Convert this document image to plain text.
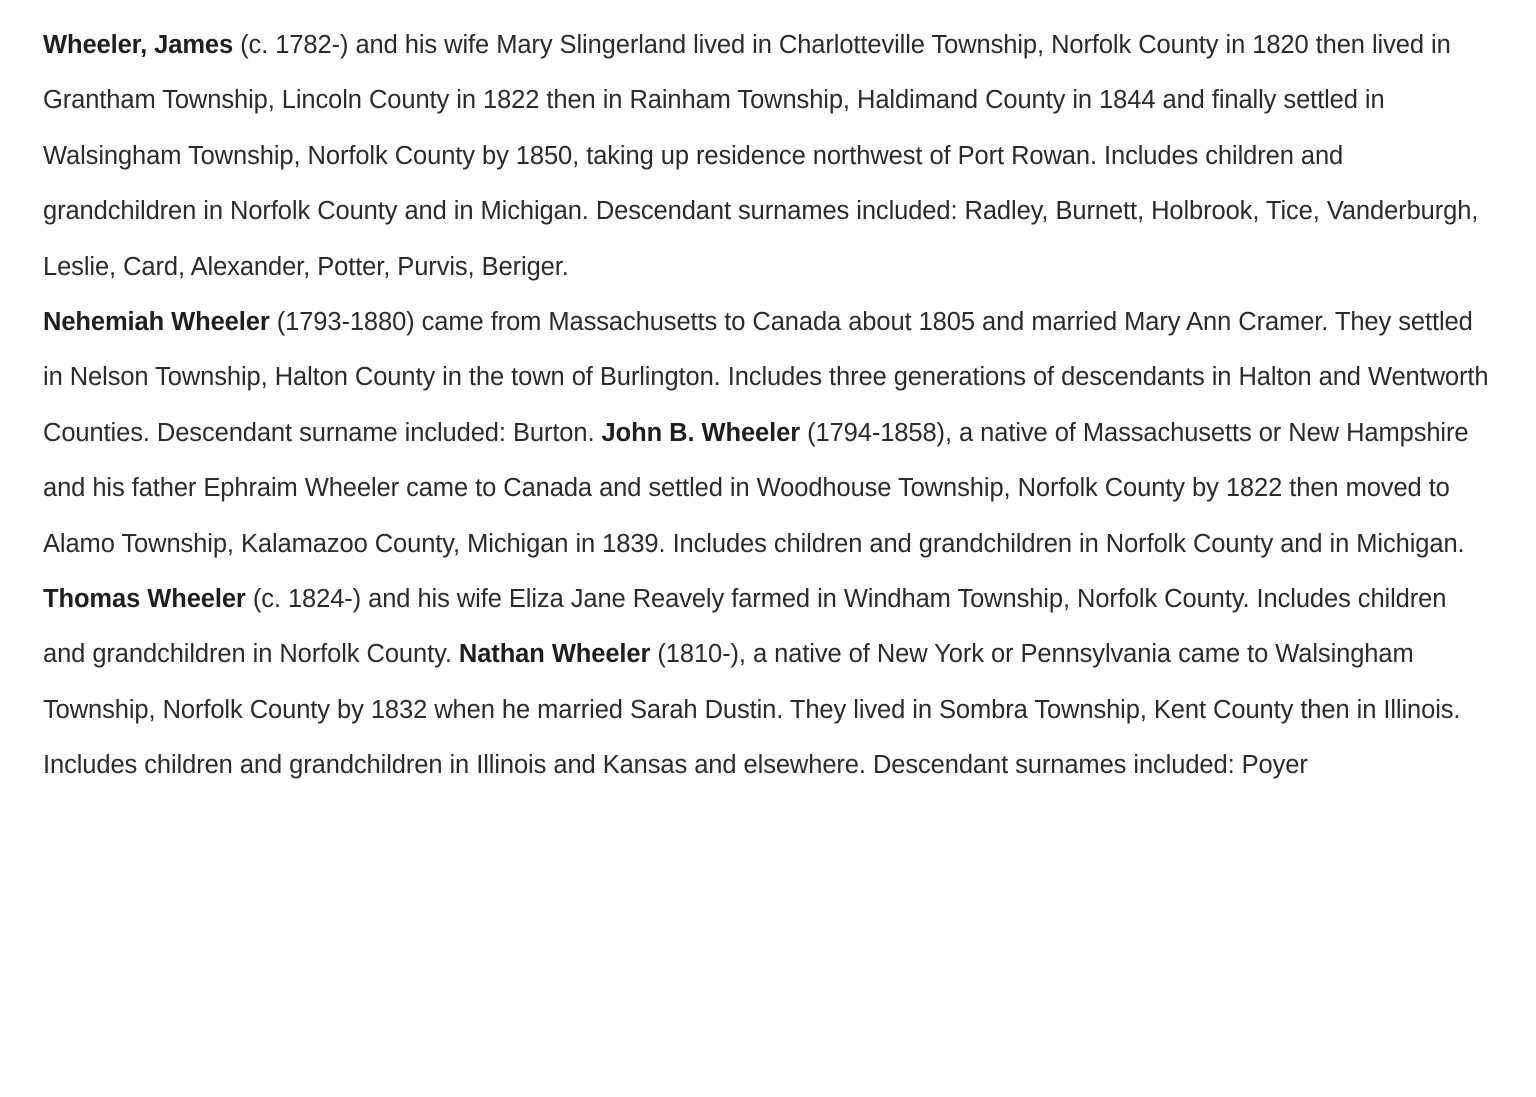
Wheeler, James (c. 1782-) and his wife Mary Slingerland lived in Charlotteville Township, Norfolk County in 1820 then lived in Grantham Township, Lincoln County in 1822 then in Rainham Township, Haldimand County in 1844 and finally settled in Walsingham Township, Norfolk County by 1850, taking up residence northwest of Port Rowan. Includes children and grandchildren in Norfolk County and in Michigan. Descendant surnames included: Radley, Burnett, Holbrook, Tice, Vanderburgh, Leslie, Card, Alexander, Potter, Purvis, Beriger.

Nehemiah Wheeler (1793-1880) came from Massachusetts to Canada about 1805 and married Mary Ann Cramer. They settled in Nelson Township, Halton County in the town of Burlington. Includes three generations of descendants in Halton and Wentworth Counties. Descendant surname included: Burton. John B. Wheeler (1794-1858), a native of Massachusetts or New Hampshire and his father Ephraim Wheeler came to Canada and settled in Woodhouse Township, Norfolk County by 1822 then moved to Alamo Township, Kalamazoo County, Michigan in 1839. Includes children and grandchildren in Norfolk County and in Michigan.

Thomas Wheeler (c. 1824-) and his wife Eliza Jane Reavely farmed in Windham Township, Norfolk County. Includes children and grandchildren in Norfolk County. Nathan Wheeler (1810-), a native of New York or Pennsylvania came to Walsingham Township, Norfolk County by 1832 when he married Sarah Dustin. They lived in Sombra Township, Kent County then in Illinois. Includes children and grandchildren in Illinois and Kansas and elsewhere. Descendant surnames included: Poyer
